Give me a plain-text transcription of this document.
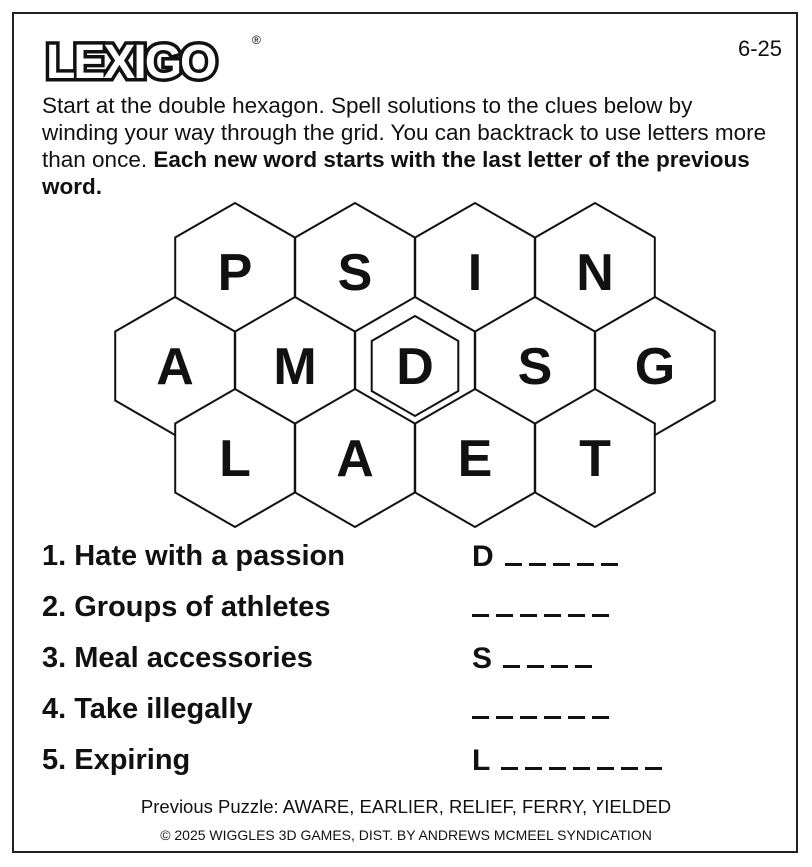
LEXIGO	®	6-25
Start at the double hexagon. Spell solutions to the clues below by winding your way through the grid. You can backtrack to use letters more than once. Each new word starts with the last letter of the previous word.
P S I N
A M D S G
L A E T
1. Hate with a passion	D
2. Groups of athletes
3. Meal accessories	S
4. Take illegally
5. Expiring	L
Previous Puzzle: AWARE, EARLIER, RELIEF, FERRY, YIELDED
© 2025 WIGGLES 3D GAMES, DIST. BY ANDREWS MCMEEL SYNDICATION
